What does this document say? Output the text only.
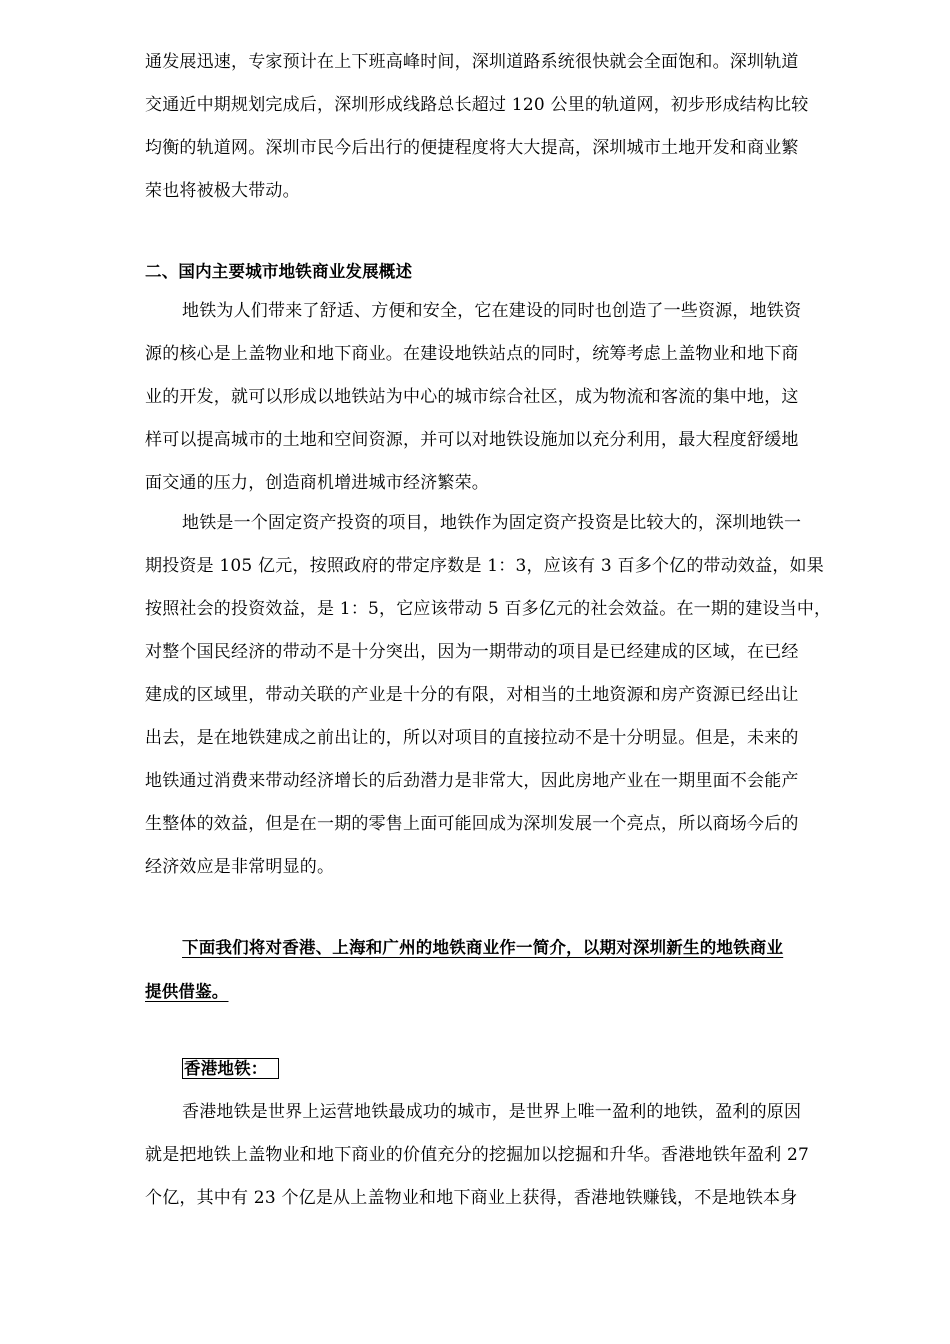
通发展迅速，专家预计在上下班高峰时间，深圳道路系统很快就会全面饱和。深圳轨道
交通近中期规划完成后，深圳形成线路总长超过 120 公里的轨道网，初步形成结构比较
均衡的轨道网。深圳市民今后出行的便捷程度将大大提高，深圳城市土地开发和商业繁
荣也将被极大带动。
二、国内主要城市地铁商业发展概述
地铁为人们带来了舒适、方便和安全，它在建设的同时也创造了一些资源，地铁资
源的核心是上盖物业和地下商业。在建设地铁站点的同时，统筹考虑上盖物业和地下商
业的开发，就可以形成以地铁站为中心的城市综合社区，成为物流和客流的集中地，这
样可以提高城市的土地和空间资源，并可以对地铁设施加以充分利用，最大程度舒缓地
面交通的压力，创造商机增进城市经济繁荣。
地铁是一个固定资产投资的项目，地铁作为固定资产投资是比较大的，深圳地铁一
期投资是 105 亿元，按照政府的带定序数是 1：3，应该有 3 百多个亿的带动效益，如果
按照社会的投资效益，是 1：5，它应该带动 5 百多亿元的社会效益。在一期的建设当中，
对整个国民经济的带动不是十分突出，因为一期带动的项目是已经建成的区域，在已经
建成的区域里，带动关联的产业是十分的有限，对相当的土地资源和房产资源已经出让
出去，是在地铁建成之前出让的，所以对项目的直接拉动不是十分明显。但是，未来的
地铁通过消费来带动经济增长的后劲潜力是非常大，因此房地产业在一期里面不会能产
生整体的效益，但是在一期的零售上面可能回成为深圳发展一个亮点，所以商场今后的
经济效应是非常明显的。
下面我们将对香港、上海和广州的地铁商业作一简介，以期对深圳新生的地铁商业
提供借鉴。
香港地铁：
香港地铁是世界上运营地铁最成功的城市，是世界上唯一盈利的地铁，盈利的原因
就是把地铁上盖物业和地下商业的价值充分的挖掘加以挖掘和升华。香港地铁年盈利 27
个亿，其中有 23 个亿是从上盖物业和地下商业上获得，香港地铁赚钱，不是地铁本身
